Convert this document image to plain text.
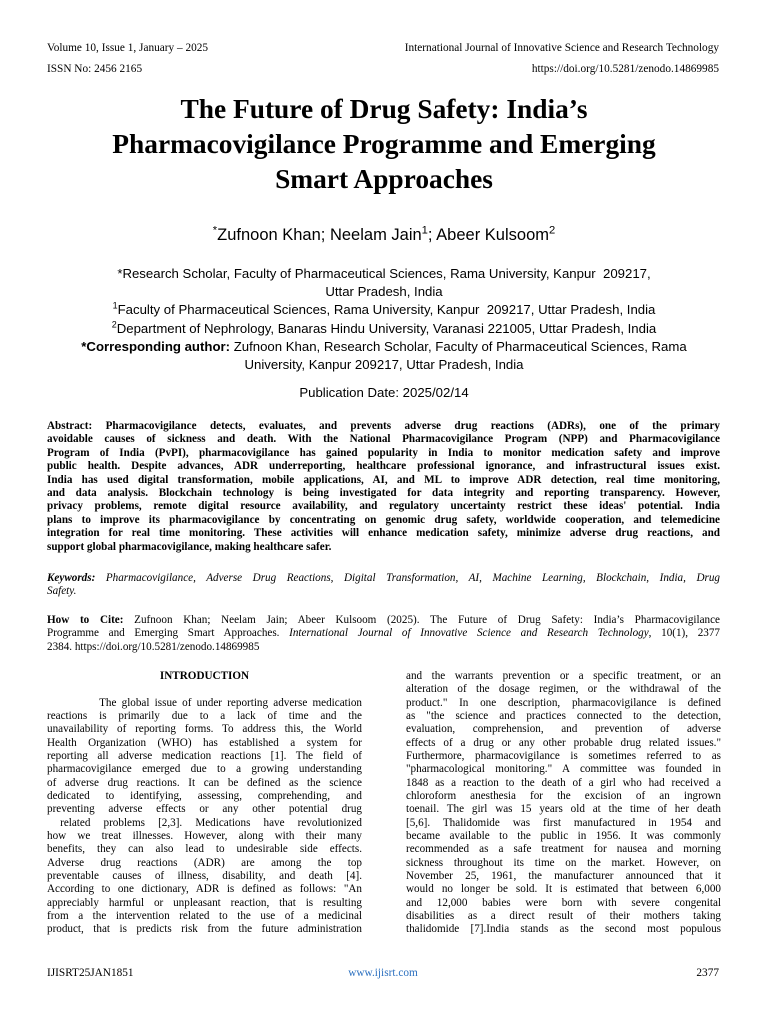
Volume 10, Issue 1, January – 2025	International Journal of Innovative Science and Research Technology
ISSN No: 2456 2165	https://doi.org/10.5281/zenodo.14869985
The Future of Drug Safety: India’s
Pharmacovigilance Programme and Emerging
Smart Approaches
*Zufnoon Khan; Neelam Jain$^1$; Abeer Kulsoom$^2$
*Research Scholar, Faculty of Pharmaceutical Sciences, Rama University, Kanpur  209217,
Uttar Pradesh, India
$^1$Faculty of Pharmaceutical Sciences, Rama University, Kanpur  209217, Uttar Pradesh, India
$^2$Department of Nephrology, Banaras Hindu University, Varanasi 221005, Uttar Pradesh, India
*Corresponding author: Zufnoon Khan, Research Scholar, Faculty of Pharmaceutical Sciences, Rama
University, Kanpur 209217, Uttar Pradesh, India
Publication Date: 2025/02/14
Abstract: Pharmacovigilance detects, evaluates, and prevents adverse drug reactions (ADRs), one of the primary
avoidable causes of sickness and death. With the National Pharmacovigilance Program (NPP) and Pharmacovigilance
Program of India (PvPI), pharmacovigilance has gained popularity in India to monitor medication safety and improve
public health. Despite advances, ADR underreporting, healthcare professional ignorance, and infrastructural issues exist.
India has used digital transformation, mobile applications, AI, and ML to improve ADR detection, real time monitoring,
and data analysis. Blockchain technology is being investigated for data integrity and reporting transparency. However,
privacy problems, remote digital resource availability, and regulatory uncertainty restrict these ideas' potential. India
plans to improve its pharmacovigilance by concentrating on genomic drug safety, worldwide cooperation, and telemedicine
integration for real time monitoring. These activities will enhance medication safety, minimize adverse drug reactions, and
support global pharmacovigilance, making healthcare safer.
Keywords: Pharmacovigilance, Adverse Drug Reactions, Digital Transformation, AI, Machine Learning, Blockchain, India, Drug
Safety.
How to Cite: Zufnoon Khan; Neelam Jain; Abeer Kulsoom (2025). The Future of Drug Safety: India’s Pharmacovigilance
Programme and Emerging Smart Approaches. International Journal of Innovative Science and Research Technology, 10(1), 2377
2384. https://doi.org/10.5281/zenodo.14869985
INTRODUCTION
The global issue of under reporting adverse medication
reactions is primarily due to a lack of time and the
unavailability of reporting forms. To address this, the World
Health Organization (WHO) has established a system for
reporting all adverse medication reactions [1]. The field of
pharmacovigilance emerged due to a growing understanding
of adverse drug reactions. It can be defined as the science
dedicated to identifying, assessing, comprehending, and
preventing adverse effects or any other potential drug
related problems [2,3]. Medications have revolutionized
how we treat illnesses. However, along with their many
benefits, they can also lead to undesirable side effects.
Adverse drug reactions (ADR) are among the top
preventable causes of illness, disability, and death [4].
According to one dictionary, ADR is defined as follows: "An
appreciably harmful or unpleasant reaction, that is resulting
from a the intervention related to the use of a medicinal
product, that is predicts risk from the future administration
and the warrants prevention or a specific treatment, or an
alteration of the dosage regimen, or the withdrawal of the
product." In one description, pharmacovigilance is defined
as "the science and practices connected to the detection,
evaluation, comprehension, and prevention of adverse
effects of a drug or any other probable drug related issues."
Furthermore, pharmacovigilance is sometimes referred to as
"pharmacological monitoring." A committee was founded in
1848 as a reaction to the death of a girl who had received a
chloroform anesthesia for the excision of an ingrown
toenail. The girl was 15 years old at the time of her death
[5,6]. Thalidomide was first manufactured in 1954 and
became available to the public in 1956. It was commonly
recommended as a safe treatment for nausea and morning
sickness throughout its time on the market. However, on
November 25, 1961, the manufacturer announced that it
would no longer be sold. It is estimated that between 6,000
and 12,000 babies were born with severe congenital
disabilities as a direct result of their mothers taking
thalidomide [7].India stands as the second most populous
IJISRT25JAN1851	www.ijisrt.com	2377
